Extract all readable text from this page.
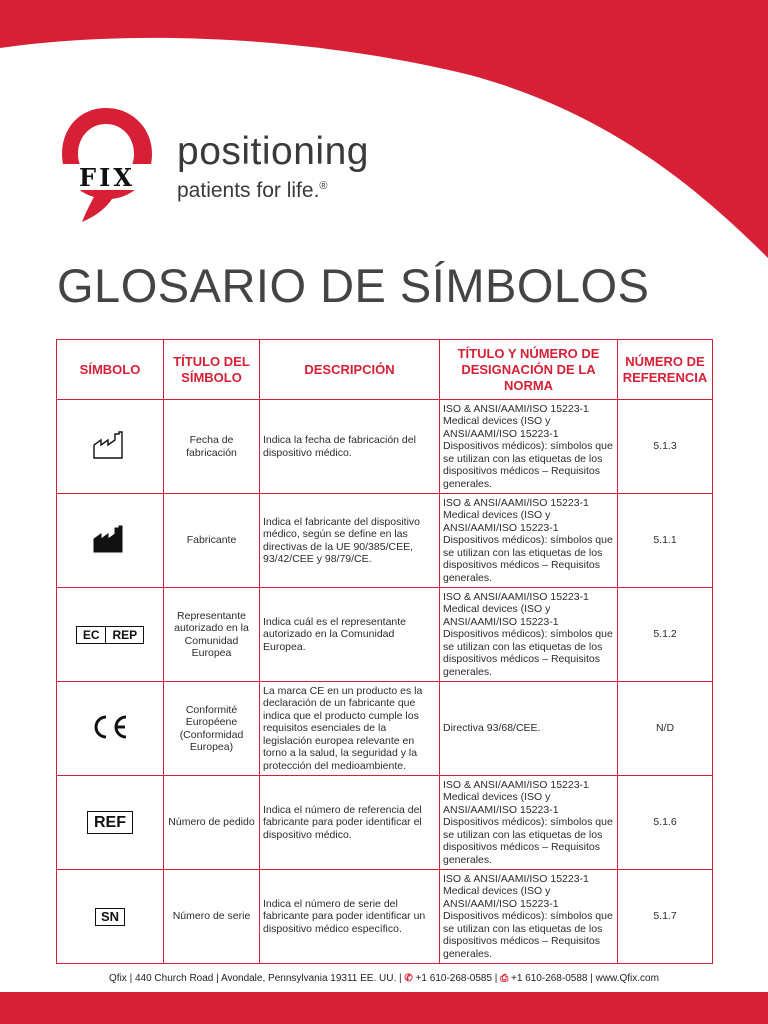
FIX
positioning
patients for life.®
GLOSARIO DE SÍMBOLOS
SÍMBOLO	TÍTULO DEL SÍMBOLO	DESCRIPCIÓN	TÍTULO Y NÚMERO DE DESIGNACIÓN DE LA NORMA	NÚMERO DE REFERENCIA
	Fecha de fabricación	Indica la fecha de fabricación del dispositivo médico.	ISO & ANSI/AAMI/ISO 15223-1 Medical devices (ISO y ANSI/AAMI/ISO 15223-1 Dispositivos médicos): símbolos que se utilizan con las etiquetas de los dispositivos médicos – Requisitos generales.	5.1.3
	Fabricante	Indica el fabricante del dispositivo médico, según se define en las directivas de la UE 90/385/CEE, 93/42/CEE y 98/79/CE.	ISO & ANSI/AAMI/ISO 15223-1 Medical devices (ISO y ANSI/AAMI/ISO 15223-1 Dispositivos médicos): símbolos que se utilizan con las etiquetas de los dispositivos médicos – Requisitos generales.	5.1.1

EC REP	Representante autorizado en la Comunidad Europea	Indica cuál es el representante autorizado en la Comunidad Europea.	ISO & ANSI/AAMI/ISO 15223-1 Medical devices (ISO y ANSI/AAMI/ISO 15223-1 Dispositivos médicos): símbolos que se utilizan con las etiquetas de los dispositivos médicos – Requisitos generales.	5.1.2
	Conformité Européene (Conformidad Europea)	La marca CE en un producto es la declaración de un fabricante que indica que el producto cumple los requisitos esenciales de la legislación europea relevante en torno a la salud, la seguridad y la protección del medioambiente.	Directiva 93/68/CEE.	N/D
REF	Número de pedido	Indica el número de referencia del fabricante para poder identificar el dispositivo médico.	ISO & ANSI/AAMI/ISO 15223-1 Medical devices (ISO y ANSI/AAMI/ISO 15223-1 Dispositivos médicos): símbolos que se utilizan con las etiquetas de los dispositivos médicos – Requisitos generales.	5.1.6
SN	Número de serie	Indica el número de serie del fabricante para poder identificar un dispositivo médico específico.	ISO & ANSI/AAMI/ISO 15223-1 Medical devices (ISO y ANSI/AAMI/ISO 15223-1 Dispositivos médicos): símbolos que se utilizan con las etiquetas de los dispositivos médicos – Requisitos generales.	5.1.7
Qfix | 440 Church Road | Avondale, Pennsylvania 19311 EE. UU. | ✆ +1 610-268-0585 | ⎙ +1 610-268-0588 | www.Qfix.com
